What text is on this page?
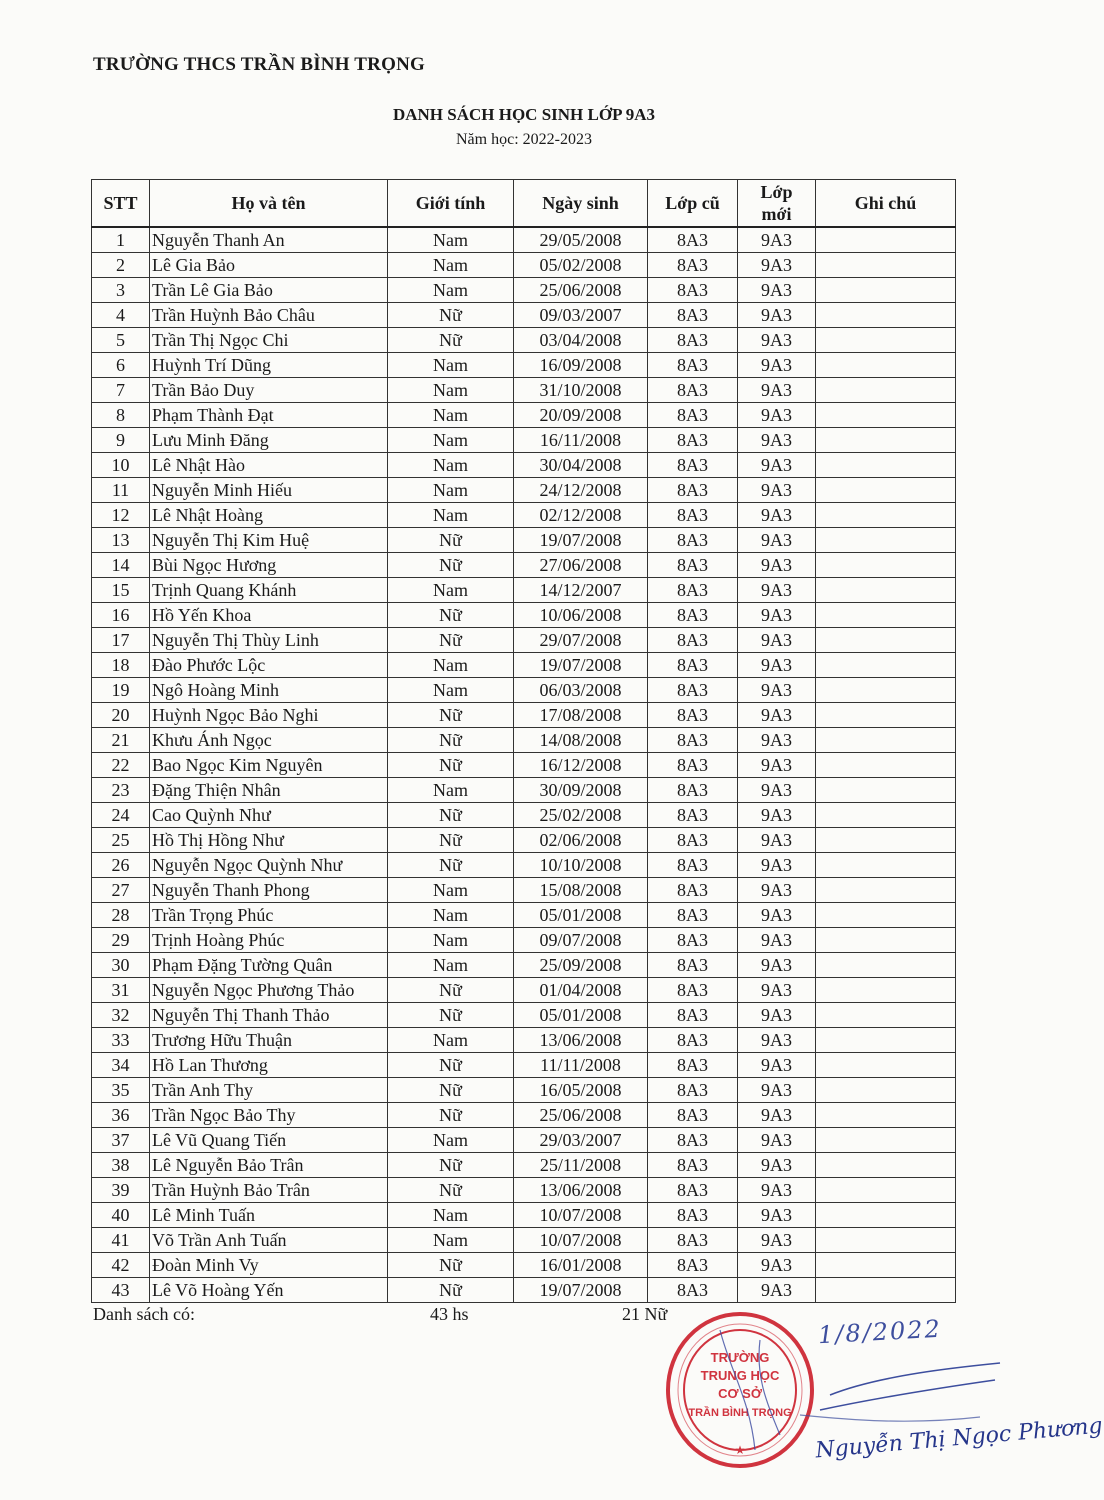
TRƯỜNG THCS TRẦN BÌNH TRỌNG
DANH SÁCH HỌC SINH LỚP 9A3
Năm học: 2022-2023
STT	Họ và tên	Giới tính	Ngày sinh	Lớp cũ	Lớp mới	Ghi chú
1	Nguyễn Thanh An	Nam	29/05/2008	8A3	9A3	
2	Lê Gia Bảo	Nam	05/02/2008	8A3	9A3	
3	Trần Lê Gia Bảo	Nam	25/06/2008	8A3	9A3	
4	Trần Huỳnh Bảo Châu	Nữ	09/03/2007	8A3	9A3	
5	Trần Thị Ngọc Chi	Nữ	03/04/2008	8A3	9A3	
6	Huỳnh Trí Dũng	Nam	16/09/2008	8A3	9A3	
7	Trần Bảo Duy	Nam	31/10/2008	8A3	9A3	
8	Phạm Thành Đạt	Nam	20/09/2008	8A3	9A3	
9	Lưu Minh Đăng	Nam	16/11/2008	8A3	9A3	
10	Lê Nhật Hào	Nam	30/04/2008	8A3	9A3	
11	Nguyễn Minh Hiếu	Nam	24/12/2008	8A3	9A3	
12	Lê Nhật Hoàng	Nam	02/12/2008	8A3	9A3	
13	Nguyễn Thị Kim Huệ	Nữ	19/07/2008	8A3	9A3	
14	Bùi Ngọc Hương	Nữ	27/06/2008	8A3	9A3	
15	Trịnh Quang Khánh	Nam	14/12/2007	8A3	9A3	
16	Hồ Yến Khoa	Nữ	10/06/2008	8A3	9A3	
17	Nguyễn Thị Thùy Linh	Nữ	29/07/2008	8A3	9A3	
18	Đào Phước Lộc	Nam	19/07/2008	8A3	9A3	
19	Ngô Hoàng Minh	Nam	06/03/2008	8A3	9A3	
20	Huỳnh Ngọc Bảo Nghi	Nữ	17/08/2008	8A3	9A3	
21	Khưu Ánh Ngọc	Nữ	14/08/2008	8A3	9A3	
22	Bao Ngọc Kim Nguyên	Nữ	16/12/2008	8A3	9A3	
23	Đặng Thiện Nhân	Nam	30/09/2008	8A3	9A3	
24	Cao Quỳnh Như	Nữ	25/02/2008	8A3	9A3	
25	Hồ Thị Hồng Như	Nữ	02/06/2008	8A3	9A3	
26	Nguyễn Ngọc Quỳnh Như	Nữ	10/10/2008	8A3	9A3	
27	Nguyễn Thanh Phong	Nam	15/08/2008	8A3	9A3	
28	Trần Trọng Phúc	Nam	05/01/2008	8A3	9A3	
29	Trịnh Hoàng Phúc	Nam	09/07/2008	8A3	9A3	
30	Phạm Đặng Tường Quân	Nam	25/09/2008	8A3	9A3	
31	Nguyễn Ngọc Phương Thảo	Nữ	01/04/2008	8A3	9A3	
32	Nguyễn Thị Thanh Thảo	Nữ	05/01/2008	8A3	9A3	
33	Trương Hữu Thuận	Nam	13/06/2008	8A3	9A3	
34	Hồ Lan Thương	Nữ	11/11/2008	8A3	9A3	
35	Trần Anh Thy	Nữ	16/05/2008	8A3	9A3	
36	Trần Ngọc Bảo Thy	Nữ	25/06/2008	8A3	9A3	
37	Lê Vũ Quang Tiến	Nam	29/03/2007	8A3	9A3	
38	Lê Nguyễn Bảo Trân	Nữ	25/11/2008	8A3	9A3	
39	Trần Huỳnh Bảo Trân	Nữ	13/06/2008	8A3	9A3	
40	Lê Minh Tuấn	Nam	10/07/2008	8A3	9A3	
41	Võ Trần Anh Tuấn	Nam	10/07/2008	8A3	9A3	
42	Đoàn Minh Vy	Nữ	16/01/2008	8A3	9A3	
43	Lê Võ Hoàng Yến	Nữ	19/07/2008	8A3	9A3	
Danh sách có:	43 hs	21 Nữ
1/8/2022
TRƯỜNG
TRUNG HỌC
CƠ SỞ
TRẦN BÌNH TRỌNG
★	Nguyễn Thị Ngọc Phương
